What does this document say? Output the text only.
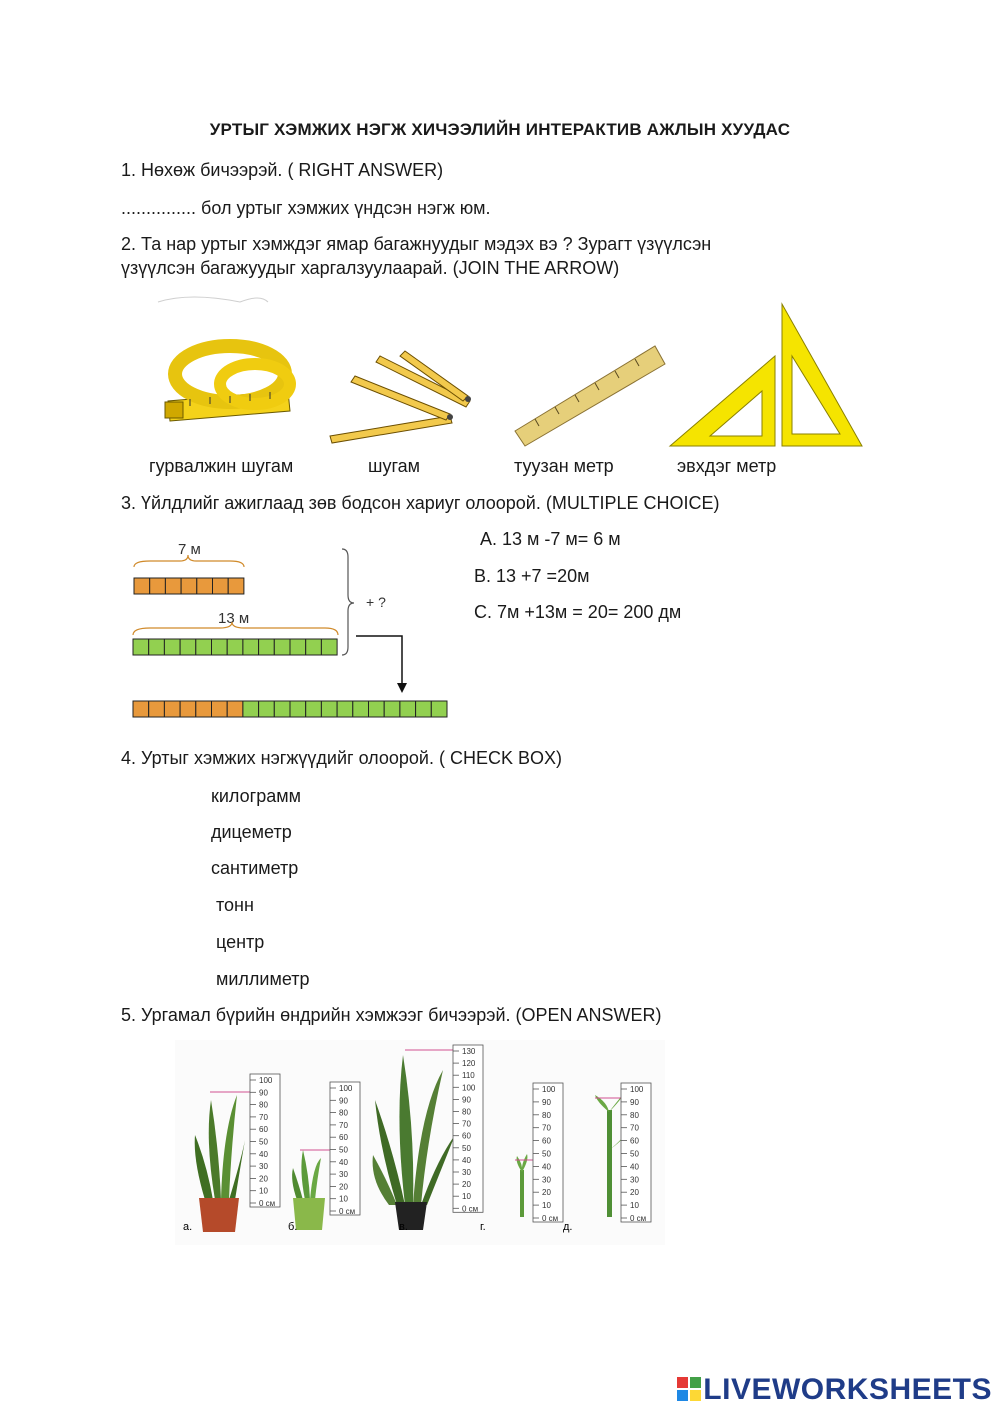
УРТЫГ ХЭМЖИХ НЭГЖ ХИЧЭЭЛИЙН ИНТЕРАКТИВ АЖЛЫН ХУУДАС
1. Нөхөж бичээрэй. ( RIGHT ANSWER)
............... бол уртыг хэмжих үндсэн нэгж юм.
2. Та нар уртыг хэмждэг ямар багажнуудыг мэдэх вэ ? Зурагт үзүүлсэн
үзүүлсэн багажуудыг харгалзуулаарай. (JOIN THE ARROW)
гурвалжин шугам	шугам	туузан метр	эвхдэг метр
3. Үйлдлийг ажиглаад зөв бодсон хариуг олоорой. (MULTIPLE CHOICE)
7 м
13 м
+ ?
A. 13 м -7 м= 6 м
B. 13 +7 =20м
C. 7м +13м = 20= 200 дм
4. Уртыг хэмжих нэгжүүдийг олоорой. ( CHECK BOX)
килограмм
дицеметр
сантиметр
тонн
центр
миллиметр
5. Ургамал бүрийн өндрийн хэмжээг бичээрэй. (OPEN ANSWER)
100
90
80
70
60
50
40
30
20
10
0 см
100
90
80
70
60
50
40
30
20
10
0 см
130
120
110
100
90
80
70
60
50
40
30
20
10
0 см
100
90
80
70
60
50
40
30
20
10
0 см
100
90
80
70
60
50
40
30
20
10
0 см
а.	б.	в.	г.	д.
LIVEWORKSHEETS
